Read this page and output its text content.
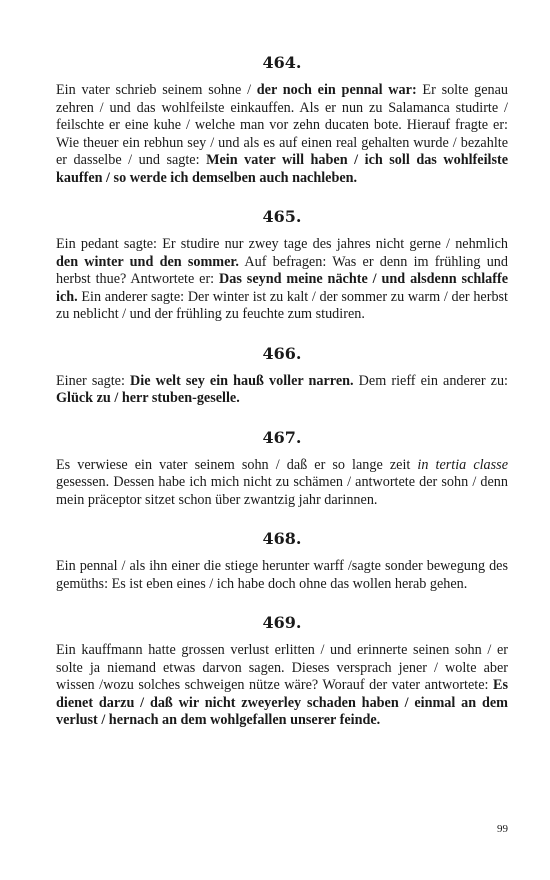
464.

Ein vater schrieb seinem sohne / der noch ein pennal war: Er solte genau zehren / und das wohlfeilste einkauffen. Als er nun zu Salamanca studirte / feilschte er eine kuhe / welche man vor zehn ducaten bote. Hierauf fragte er: Wie theuer ein rebhun sey / und als es auf einen real gehalten wurde / bezahlte er dasselbe / und sagte: Mein vater will haben / ich soll das wohlfeilste kauffen / so werde ich demselben auch nachleben.

465.

Ein pedant sagte: Er studire nur zwey tage des jahres nicht gerne / nehmlich den winter und den sommer. Auf befragen: Was er denn im frühling und herbst thue? Antwortete er: Das seynd meine nächte / und alsdenn schlaffe ich. Ein anderer sagte: Der winter ist zu kalt / der sommer zu warm / der herbst zu neblicht / und der frühling zu feuchte zum studiren.

466.

Einer sagte: Die welt sey ein hauß voller narren. Dem rieff ein anderer zu: Glück zu / herr stuben-geselle.

467.

Es verwiese ein vater seinem sohn / daß er so lange zeit in tertia classe gesessen. Dessen habe ich mich nicht zu schämen / antwortete der sohn / denn mein präceptor sitzet schon über zwantzig jahr darinnen.

468.

Ein pennal / als ihn einer die stiege herunter warff /sagte sonder bewegung des gemüths: Es ist eben eines / ich habe doch ohne das wollen herab gehen.

469.

Ein kauffmann hatte grossen verlust erlitten / und erinnerte seinen sohn / er solte ja niemand etwas darvon sagen. Dieses versprach jener / wolte aber wissen /wozu solches schweigen nütze wäre? Worauf der vater antwortete: Es dienet darzu / daß wir nicht zweyerley schaden haben / einmal an dem verlust / hernach an dem wohlgefallen unserer feinde.

99
